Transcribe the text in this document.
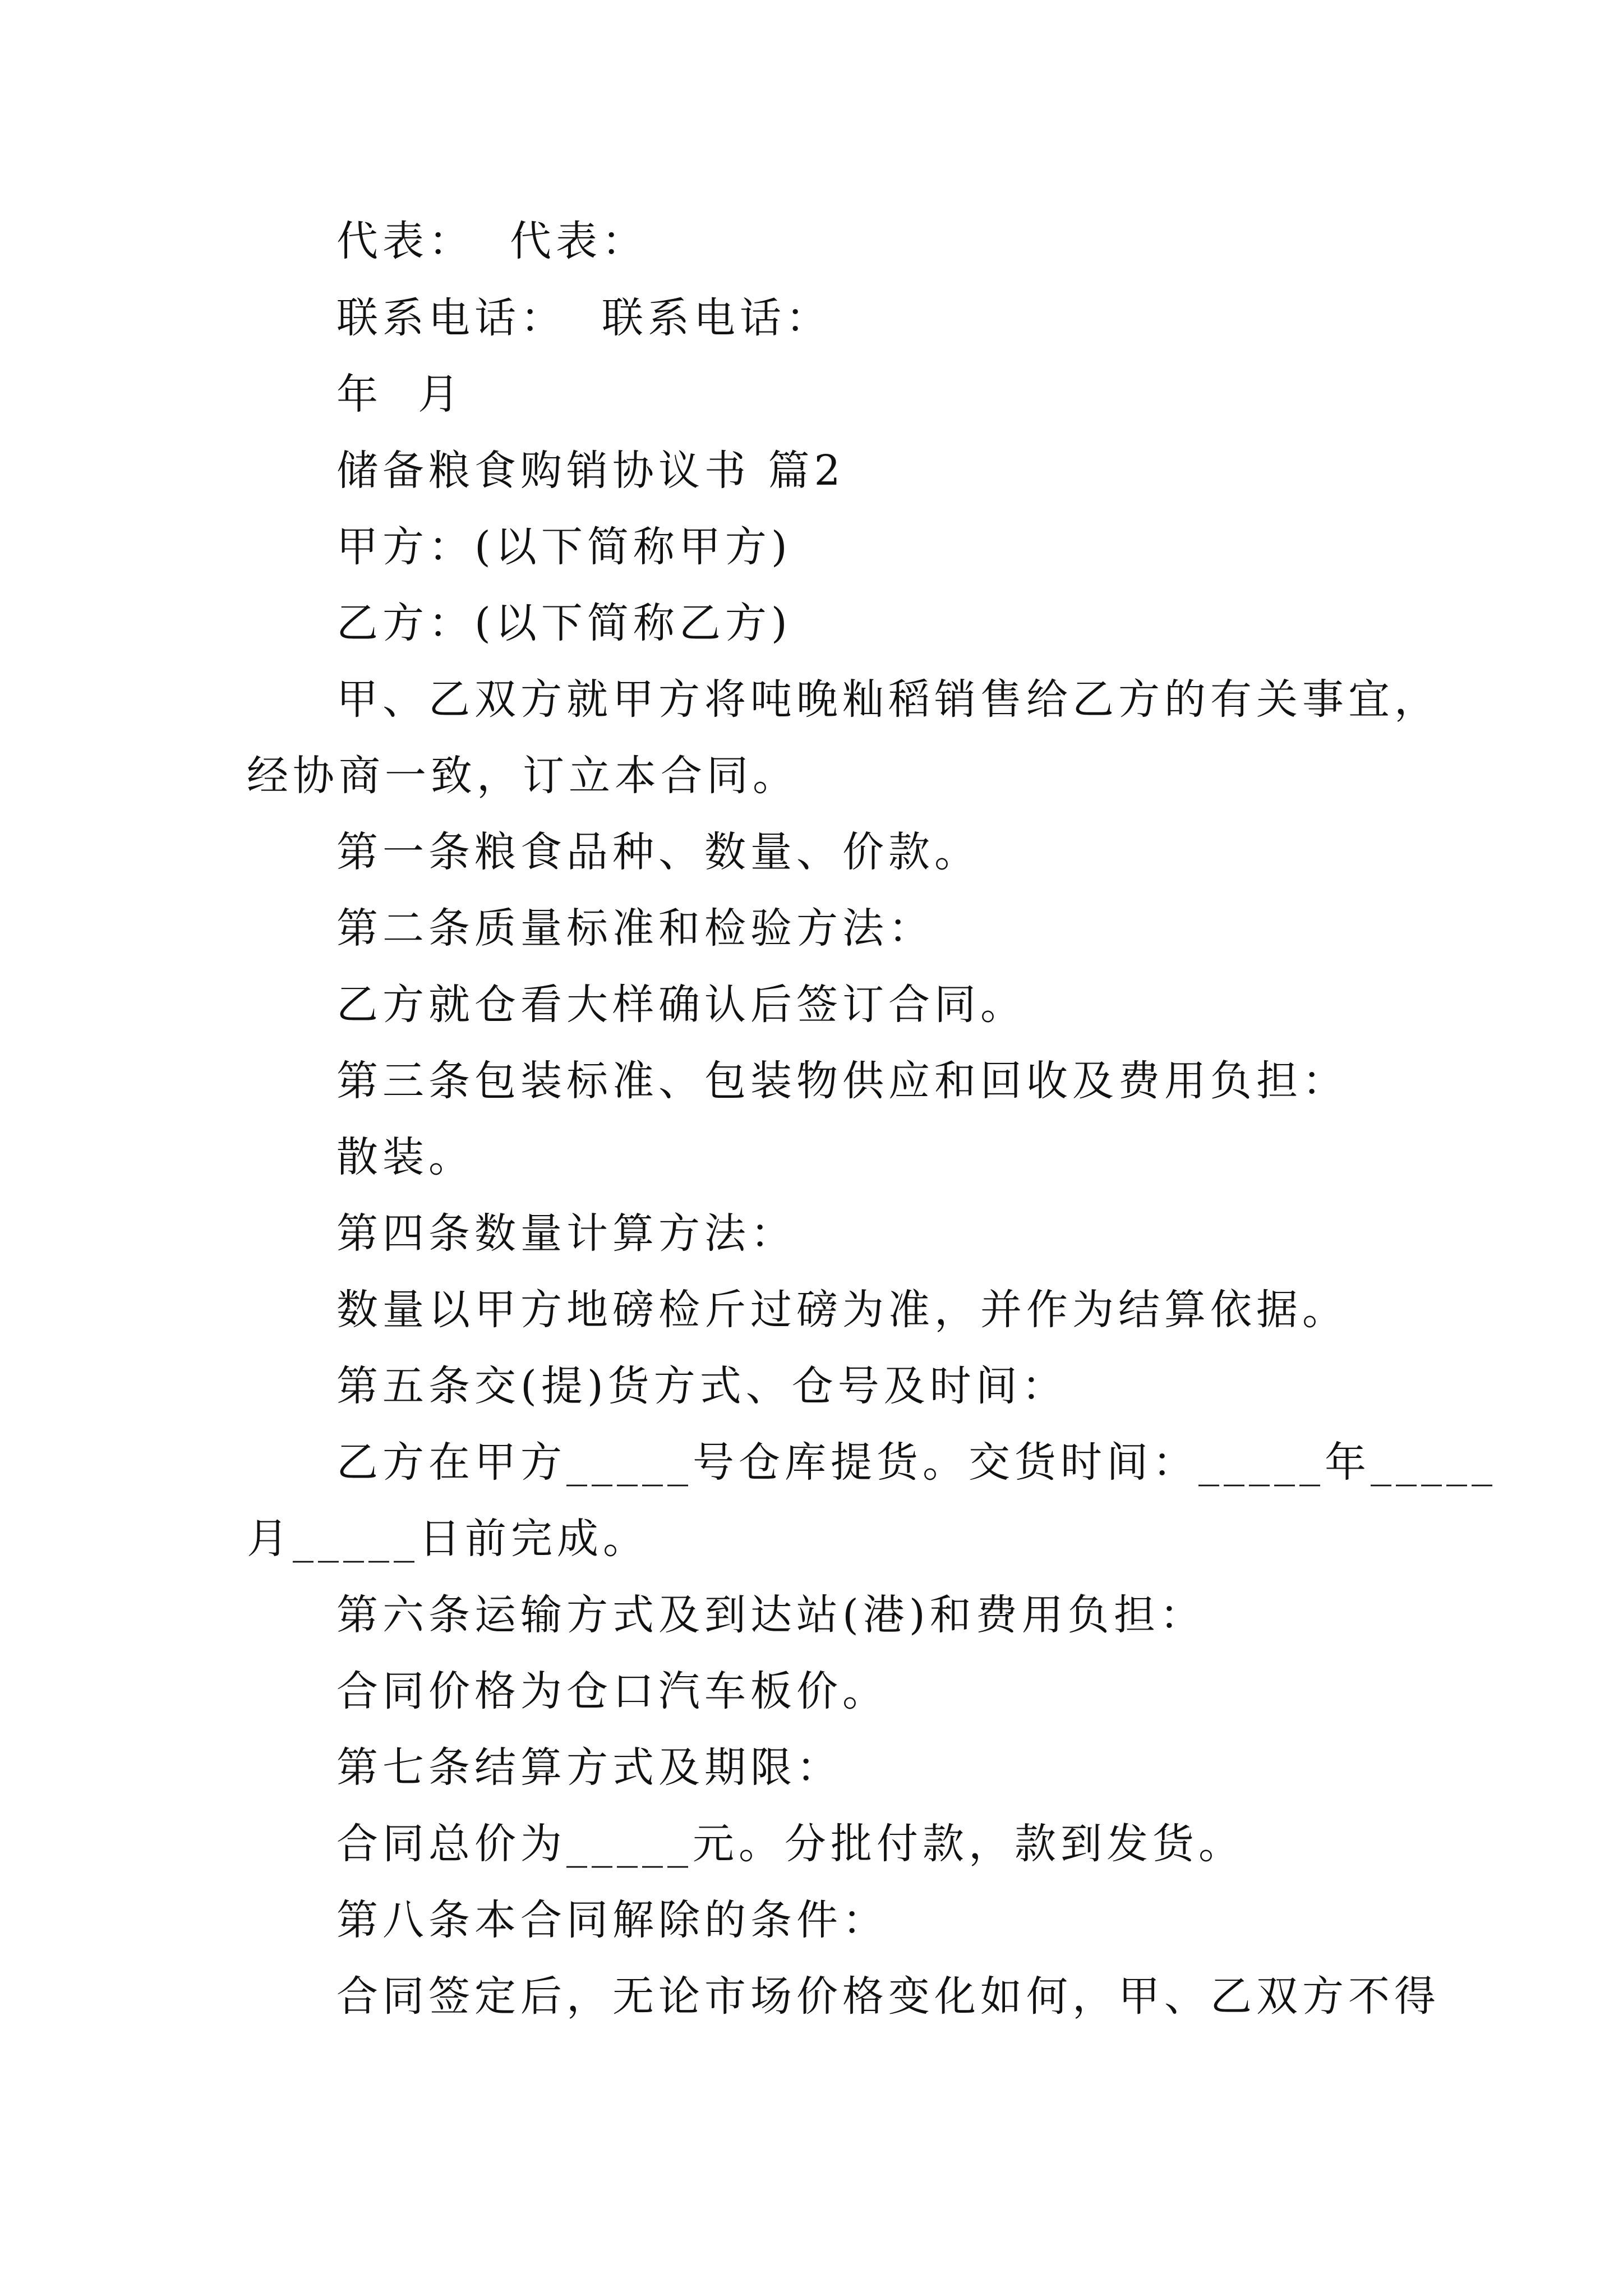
代表：  代表：
联系电话：  联系电话：
年  月
储备粮食购销协议书 篇2
甲方：(以下简称甲方)
乙方：(以下简称乙方)
甲、乙双方就甲方将吨晚籼稻销售给乙方的有关事宜，
经协商一致，订立本合同。
第一条粮食品种、数量、价款。
第二条质量标准和检验方法：
乙方就仓看大样确认后签订合同。
第三条包装标准、包装物供应和回收及费用负担：
散装。
第四条数量计算方法：
数量以甲方地磅检斤过磅为准，并作为结算依据。
第五条交(提)货方式、仓号及时间：
乙方在甲方_____号仓库提货。交货时间：_____年_____
月_____日前完成。
第六条运输方式及到达站(港)和费用负担：
合同价格为仓口汽车板价。
第七条结算方式及期限：
合同总价为_____元。分批付款，款到发货。
第八条本合同解除的条件：
合同签定后，无论市场价格变化如何，甲、乙双方不得
